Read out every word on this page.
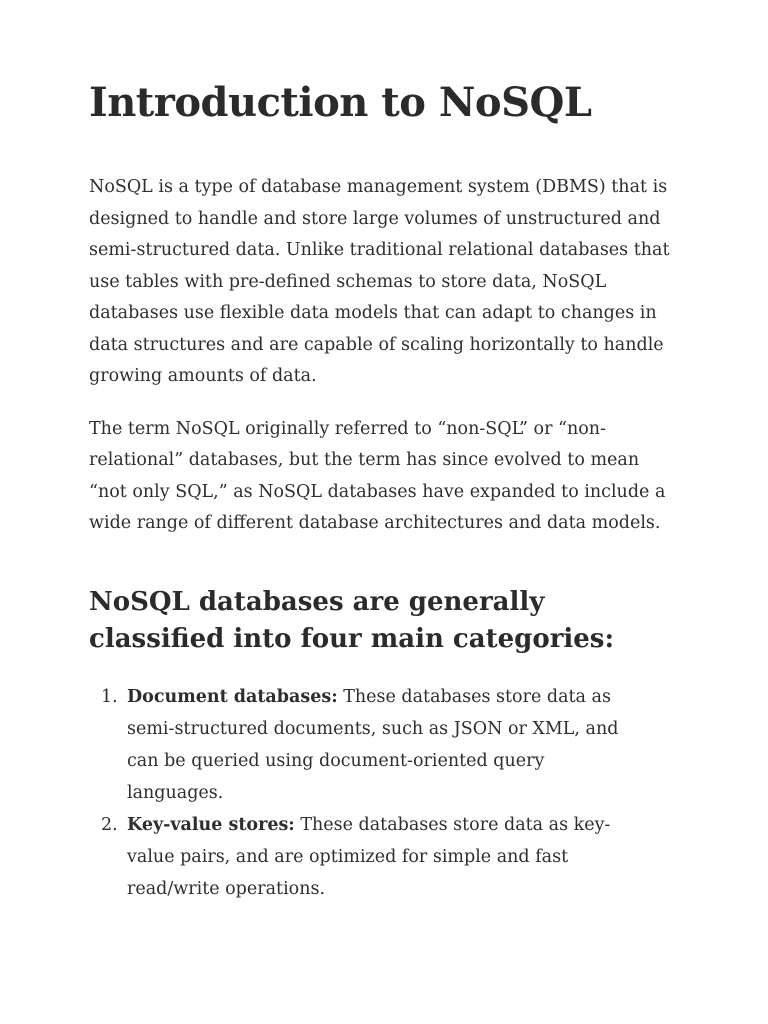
Introduction to NoSQL

NoSQL is a type of database management system (DBMS) that is designed to handle and store large volumes of unstructured and semi-structured data. Unlike traditional relational databases that use tables with pre-defined schemas to store data, NoSQL databases use flexible data models that can adapt to changes in data structures and are capable of scaling horizontally to handle growing amounts of data.

The term NoSQL originally referred to “non-SQL” or “non-relational” databases, but the term has since evolved to mean “not only SQL,” as NoSQL databases have expanded to include a wide range of different database architectures and data models.

NoSQL databases are generally classified into four main categories:
1. Document databases: These databases store data as semi-structured documents, such as JSON or XML, and can be queried using document-oriented query languages.
2. Key-value stores: These databases store data as key-value pairs, and are optimized for simple and fast read/write operations.
